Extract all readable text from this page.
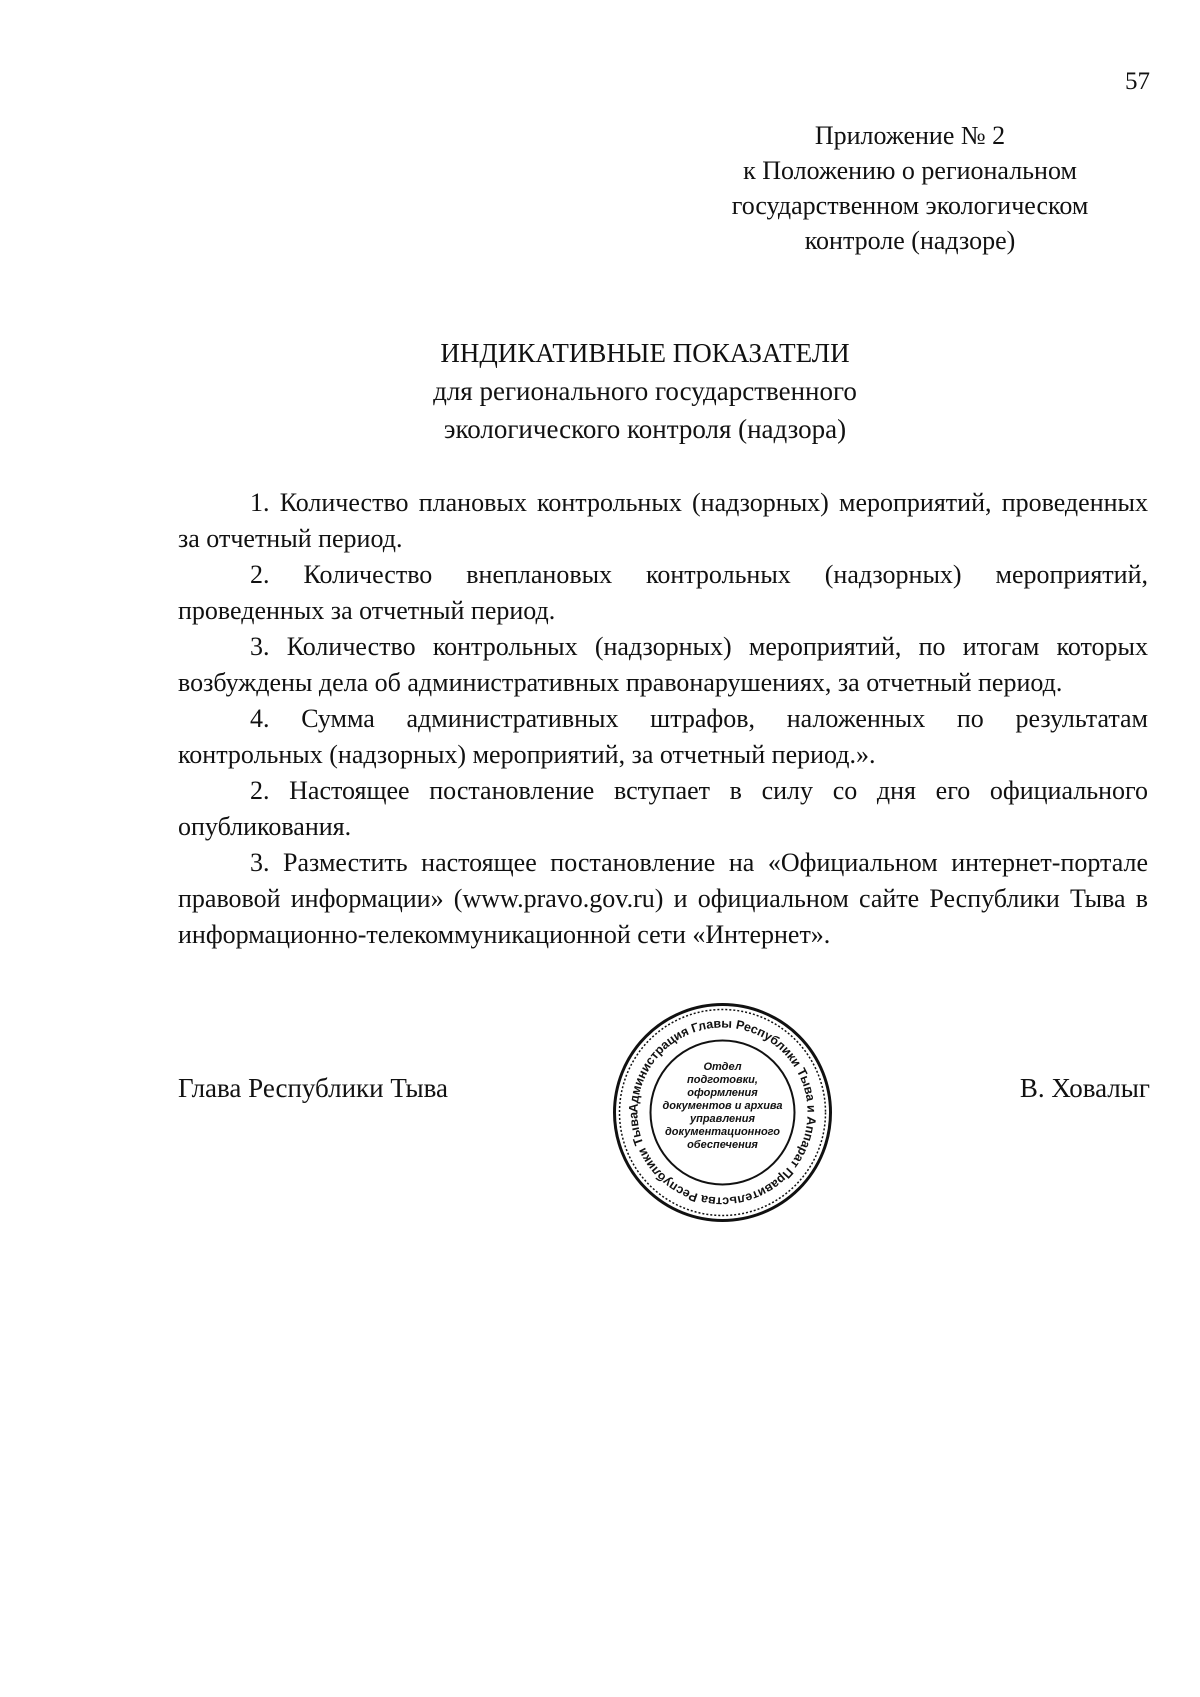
57
Приложение № 2
к Положению о региональном
государственном экологическом
контроле (надзоре)
ИНДИКАТИВНЫЕ ПОКАЗАТЕЛИ
для регионального государственного
экологического контроля (надзора)

1. Количество плановых контрольных (надзорных) мероприятий, проведенных за отчетный период.

2. Количество внеплановых контрольных (надзорных) мероприятий, проведенных за отчетный период.

3. Количество контрольных (надзорных) мероприятий, по итогам которых возбуждены дела об административных правонарушениях, за отчетный период.

4. Сумма административных штрафов, наложенных по результатам контрольных (надзорных) мероприятий, за отчетный период.».

2. Настоящее постановление вступает в силу со дня его официального опубликования.

3. Разместить настоящее постановление на «Официальном интернет-портале правовой информации» (www.pravo.gov.ru) и официальном сайте Республики Тыва в информационно-телекоммуникационной сети «Интернет».

Глава Республики Тыва	В. Ховалыг
Администрация Главы Республики Тыва и Аппарат Правительства Республики Тыва
Отдел
подготовки,
оформления
документов и архива
управления
документационного
обеспечения
